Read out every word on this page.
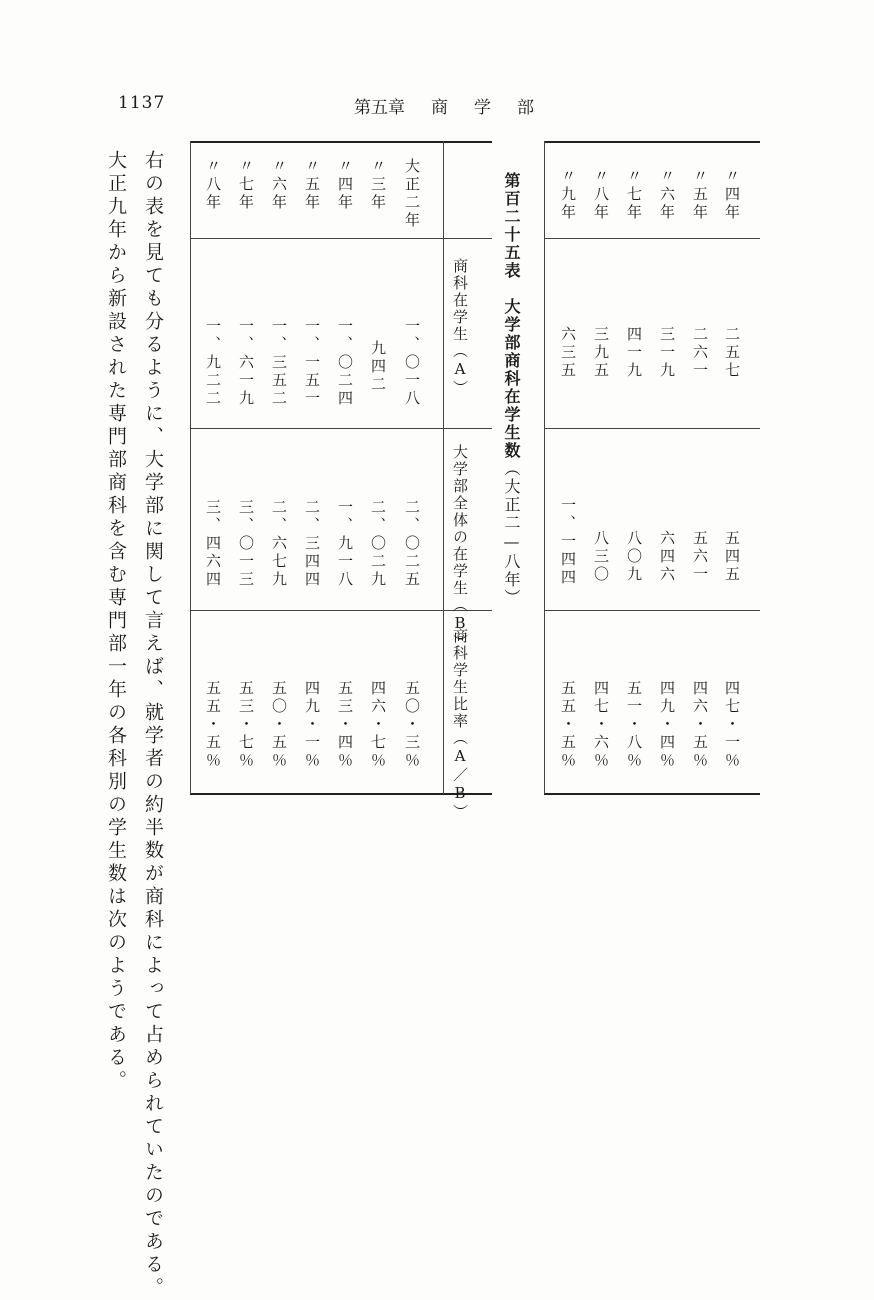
1137	第五章 商 学 部
商科在学生（A）
大学部全体の在学生（B）
商科学生比率（A／B）
大正二年
一、〇一八
二、〇二五
五〇・三％
〃三年
九四二
二、〇二九
四六・七％
〃四年
一、〇二四
一、九一八
五三・四％
〃五年
一、一五一
二、三四四
四九・一％
〃六年
一、三五二
二、六七九
五〇・五％
〃七年
一、六一九
三、〇一三
五三・七％
〃八年
一、九二二
三、四六四
五五・五％
第百二十五表　大学部商科在学生数（大正二—八年）
〃四年
二五七
五四五
四七・一％
〃五年
二六一
五六一
四六・五％
〃六年
三一九
六四六
四九・四％
〃七年
四一九
八〇九
五一・八％
〃八年
三九五
八三〇
四七・六％
〃九年
六三五
一、一四四
五五・五％
右の表を見ても分るように、大学部に関して言えば、就学者の約半数が商科によって占められていたのである。
大正九年から新設された専門部商科を含む専門部一年の各科別の学生数は次のようである。
